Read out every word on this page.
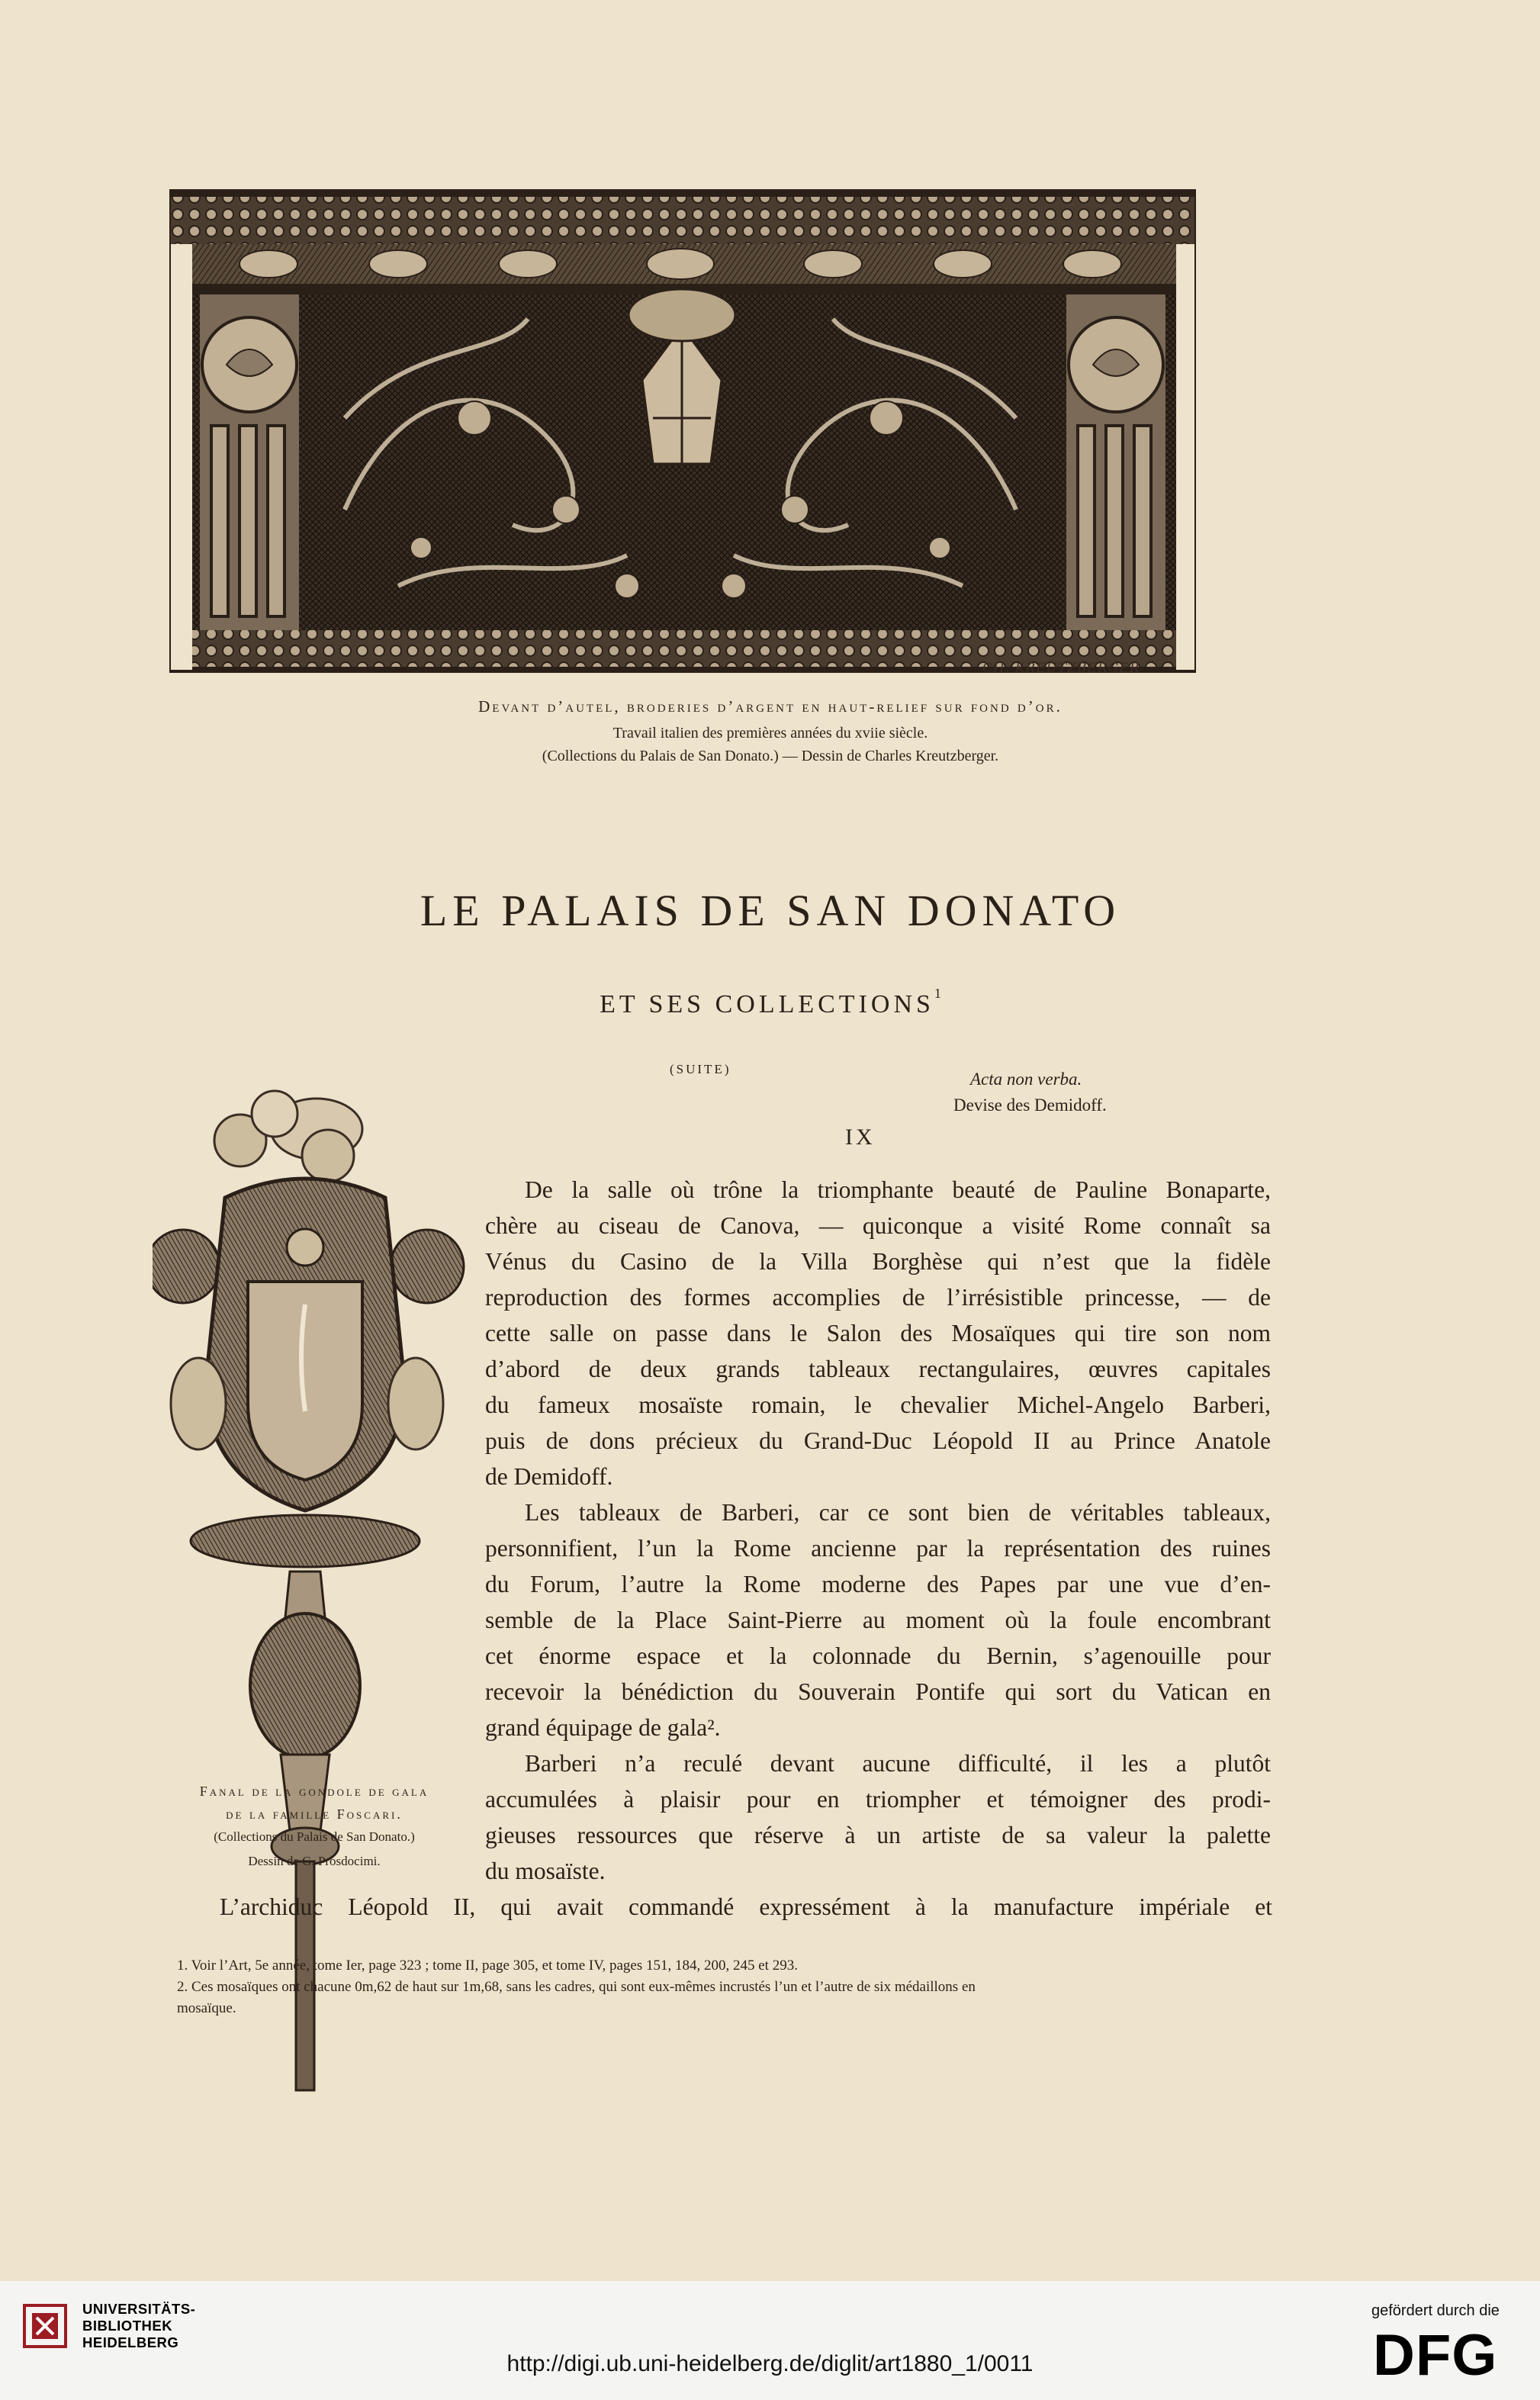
CH. KREUTZBERGER
Devant d’autel, broderies d’argent en haut-relief sur fond d’or.
Travail italien des premières années du xviie siècle.
(Collections du Palais de San Donato.) — Dessin de Charles Kreutzberger.
LE PALAIS DE SAN DONATO
ET SES COLLECTIONS$^1$
(SUITE)
Acta non verba.
Devise des Demidoff.
IX
Fanal de la gondole de gala
de la famille Foscari.
(Collections du Palais de San Donato.)
Dessin de G. Prosdocimi.
De la salle où trône la triomphante beauté de Pauline Bonaparte,
chère au ciseau de Canova, — quiconque a visité Rome connaît sa
Vénus du Casino de la Villa Borghèse qui n’est que la fidèle
reproduction des formes accomplies de l’irrésistible princesse, — de
cette salle on passe dans le Salon des Mosaïques qui tire son nom
d’abord de deux grands tableaux rectangulaires, œuvres capitales
du fameux mosaïste romain, le chevalier Michel-Angelo Barberi,
puis de dons précieux du Grand-Duc Léopold II au Prince Anatole
de Demidoff.
Les tableaux de Barberi, car ce sont bien de véritables tableaux,
personnifient, l’un la Rome ancienne par la représentation des ruines
du Forum, l’autre la Rome moderne des Papes par une vue d’en-
semble de la Place Saint-Pierre au moment où la foule encombrant
cet énorme espace et la colonnade du Bernin, s’agenouille pour
recevoir la bénédiction du Souverain Pontife qui sort du Vatican en
grand équipage de gala².
Barberi n’a reculé devant aucune difficulté, il les a plutôt
accumulées à plaisir pour en triompher et témoigner des prodi-
gieuses ressources que réserve à un artiste de sa valeur la palette
du mosaïste.
L’archiduc Léopold II, qui avait commandé expressément à la manufacture impériale et

1. Voir l’Art, 5e année, tome Ier, page 323 ; tome II, page 305, et tome IV, pages 151, 184, 200, 245 et 293.

2. Ces mosaïques ont chacune 0m,62 de haut sur 1m,68, sans les cadres, qui sont eux-mêmes incrustés l’un et l’autre de six médaillons en

mosaïque.

UNIVERSITÄTS-
BIBLIOTHEK
HEIDELBERG
http://digi.ub.uni-heidelberg.de/diglit/art1880_1/0011
gefördert durch die
DFG
